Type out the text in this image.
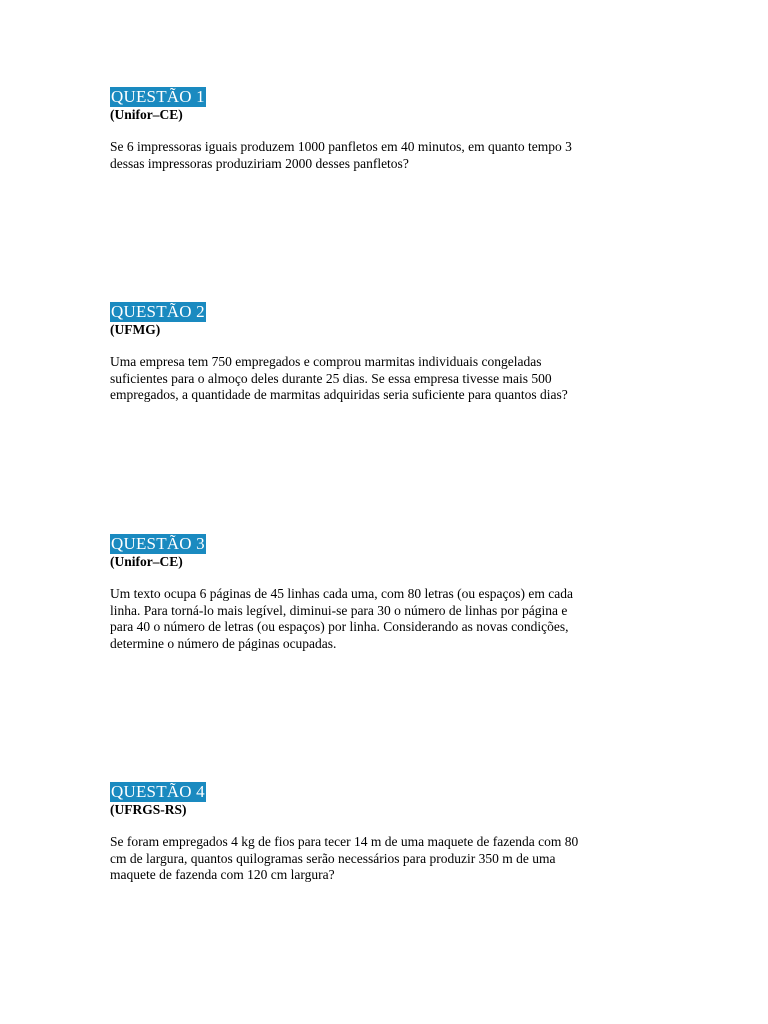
QUESTÃO 1
(Unifor–CE)
Se 6 impressoras iguais produzem 1000 panfletos em 40 minutos, em quanto tempo 3
dessas impressoras produziriam 2000 desses panfletos?
QUESTÃO 2
(UFMG)
Uma empresa tem 750 empregados e comprou marmitas individuais congeladas
suficientes para o almoço deles durante 25 dias. Se essa empresa tivesse mais 500
empregados, a quantidade de marmitas adquiridas seria suficiente para quantos dias?
QUESTÃO 3
(Unifor–CE)
Um texto ocupa 6 páginas de 45 linhas cada uma, com 80 letras (ou espaços) em cada
linha. Para torná-lo mais legível, diminui-se para 30 o número de linhas por página e
para 40 o número de letras (ou espaços) por linha. Considerando as novas condições,
determine o número de páginas ocupadas.
QUESTÃO 4
(UFRGS-RS)
Se foram empregados 4 kg de fios para tecer 14 m de uma maquete de fazenda com 80
cm de largura, quantos quilogramas serão necessários para produzir 350 m de uma
maquete de fazenda com 120 cm largura?
